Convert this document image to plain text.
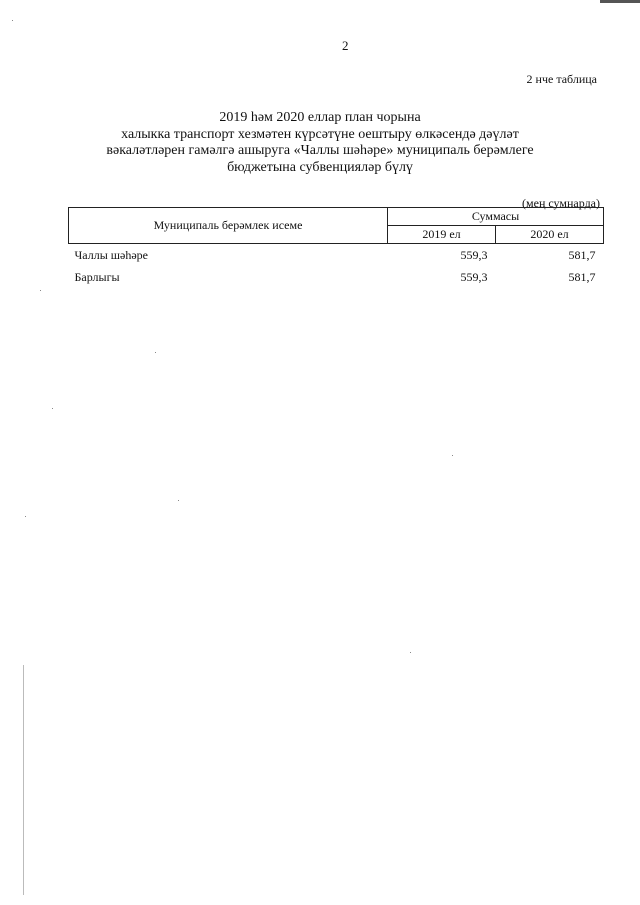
2
2 нче таблица
2019 һәм 2020 еллар план чорына
халыкка транспорт хезмәтен күрсәтүне оештыру өлкәсендә дәүләт
вәкаләтләрен гамәлгә ашыруга «Чаллы шәһәре» муниципаль берәмлеге
бюджетына субвенцияләр бүлү
(мең сумнарда)
Муниципаль берәмлек исеме	Суммасы	
	2019 ел	2020 ел
Чаллы шәһәре	559,3	581,7
Барлыгы	559,3	581,7
